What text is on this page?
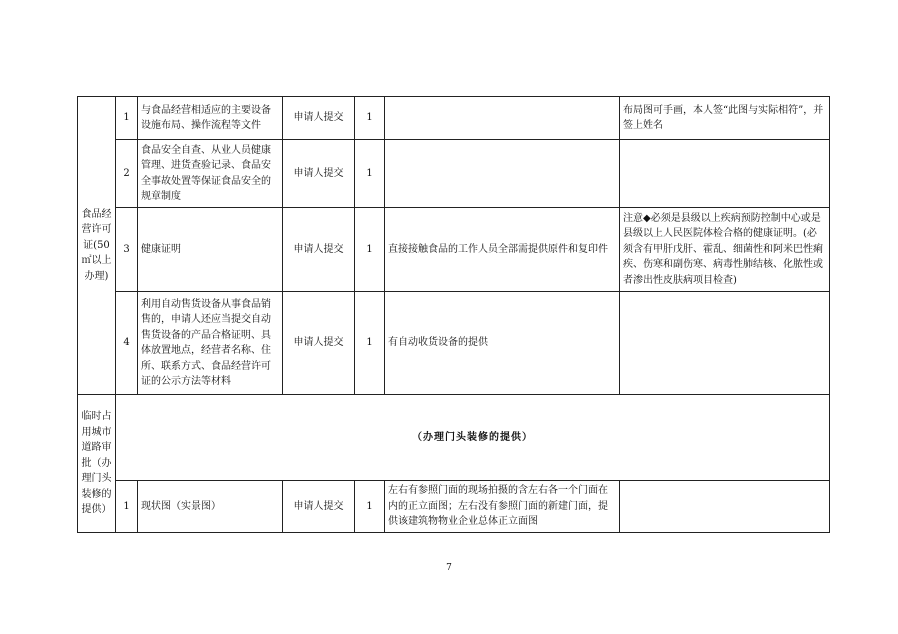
食品经营许可证(50㎡以上办理)	1	与食品经营相适应的主要设备设施布局、操作流程等文件	申请人提交	1		布局图可手画，本人签“此图与实际相符”，并签上姓名
	2	食品安全自查、从业人员健康管理、进货查验记录、食品安全事故处置等保证食品安全的规章制度	申请人提交	1		
	3	健康证明	申请人提交	1	直接接触食品的工作人员全部需提供原件和复印件	注意◆必须是县级以上疾病预防控制中心或是县级以上人民医院体检合格的健康证明。(必须含有甲肝戊肝、霍乱、细菌性和阿米巴性痢疾、伤寒和副伤寒、病毒性肺结核、化脓性或者渗出性皮肤病项目检查)
	4	利用自动售货设备从事食品销售的，申请人还应当提交自动售货设备的产品合格证明、具体放置地点，经营者名称、住所、联系方式、食品经营许可证的公示方法等材料	申请人提交	1	有自动收货设备的提供	
临时占用城市道路审批（办理门头装修的提供）	（办理门头装修的提供）					
	1	现状图（实景图）	申请人提交	1	左右有参照门面的现场拍摄的含左右各一个门面在内的正立面图；左右没有参照门面的新建门面，提供该建筑物物业企业总体正立面图	
7
